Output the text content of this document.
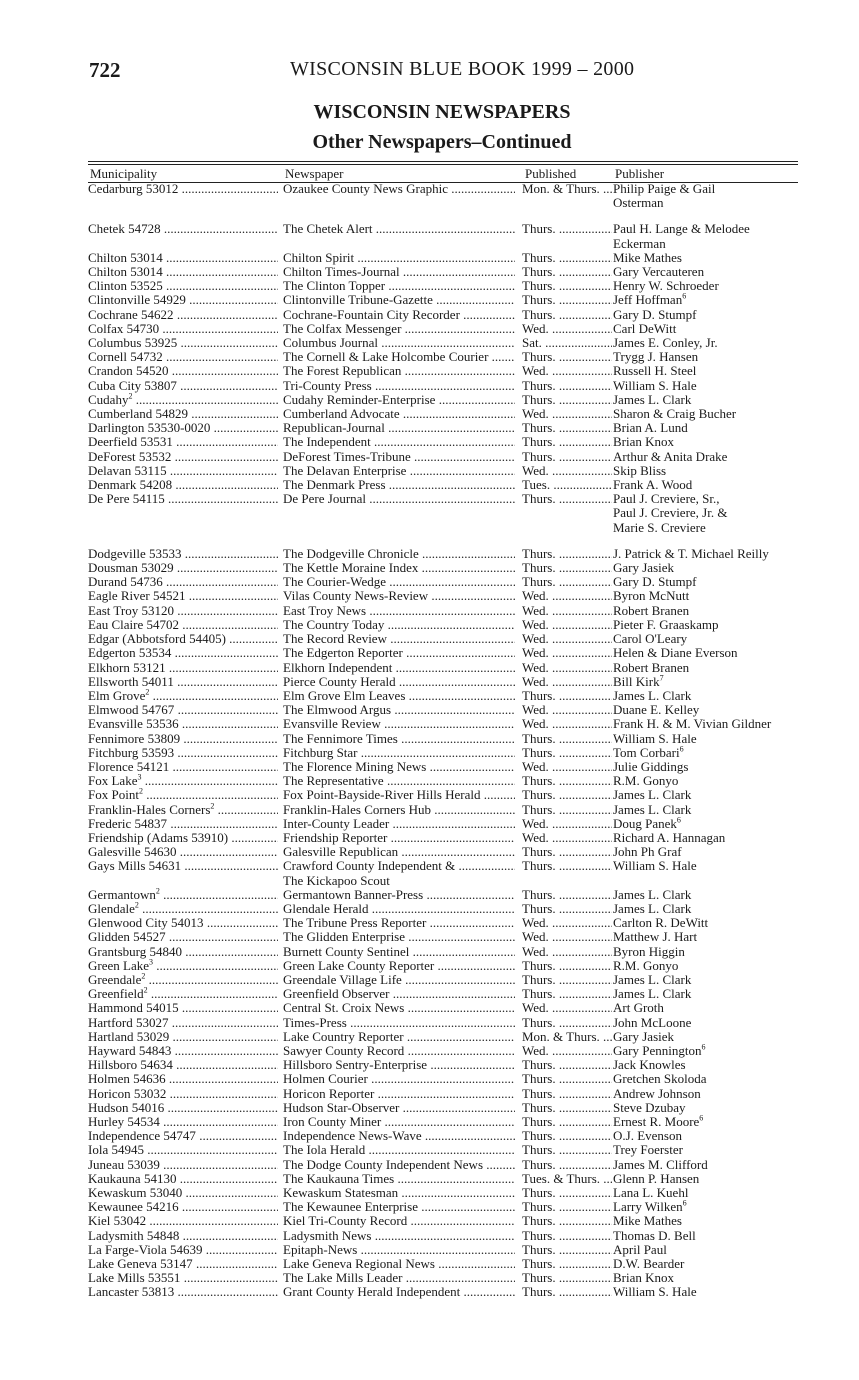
722	WISCONSIN BLUE BOOK 1999 – 2000
WISCONSIN NEWSPAPERS
Other Newspapers–Continued
Municipality	Newspaper	Published	Publisher
Cedarburg 53012 .....	Ozaukee County News Graphic .....	Mon. & Thurs. .....	Philip Paige & Gail
Osterman
Chetek 54728 .....	The Chetek Alert .....	Thurs. .....	Paul H. Lange & Melodee
Eckerman
Chilton 53014 .....	Chilton Spirit .....	Thurs. .....	Mike Mathes
Chilton 53014 .....	Chilton Times-Journal .....	Thurs. .....	Gary Vercauteren
Clinton 53525 .....	The Clinton Topper .....	Thurs. .....	Henry W. Schroeder
Clintonville 54929 .....	Clintonville Tribune-Gazette .....	Thurs. .....	Jeff Hoffman$^6$
Cochrane 54622 .....	Cochrane-Fountain City Recorder .....	Thurs. .....	Gary D. Stumpf
Colfax 54730 .....	The Colfax Messenger .....	Wed. .....	Carl DeWitt
Columbus 53925 .....	Columbus Journal .....	Sat. .....	James E. Conley, Jr.
Cornell 54732 .....	The Cornell & Lake Holcombe Courier .....	Thurs. .....	Trygg J. Hansen
Crandon 54520 .....	The Forest Republican .....	Wed. .....	Russell H. Steel
Cuba City 53807 .....	Tri-County Press .....	Thurs. .....	William S. Hale
Cudahy$^2$ .....	Cudahy Reminder-Enterprise .....	Thurs. .....	James L. Clark
Cumberland 54829 .....	Cumberland Advocate .....	Wed. .....	Sharon & Craig Bucher
Darlington 53530-0020 .....	Republican-Journal .....	Thurs. .....	Brian A. Lund
Deerfield 53531 .....	The Independent .....	Thurs. .....	Brian Knox
DeForest 53532 .....	DeForest Times-Tribune .....	Thurs. .....	Arthur & Anita Drake
Delavan 53115 .....	The Delavan Enterprise .....	Wed. .....	Skip Bliss
Denmark 54208 .....	The Denmark Press .....	Tues. .....	Frank A. Wood
De Pere 54115 .....	De Pere Journal .....	Thurs. .....	Paul J. Creviere, Sr.,
Paul J. Creviere, Jr. &
Marie S. Creviere
Dodgeville 53533 .....	The Dodgeville Chronicle .....	Thurs. .....	J. Patrick & T. Michael Reilly
Dousman 53029 .....	The Kettle Moraine Index .....	Thurs. .....	Gary Jasiek
Durand 54736 .....	The Courier-Wedge .....	Thurs. .....	Gary D. Stumpf
Eagle River 54521 .....	Vilas County News-Review .....	Wed. .....	Byron McNutt
East Troy 53120 .....	East Troy News .....	Wed. .....	Robert Branen
Eau Claire 54702 .....	The Country Today .....	Wed. .....	Pieter F. Graaskamp
Edgar (Abbotsford 54405) .....	The Record Review .....	Wed. .....	Carol O'Leary
Edgerton 53534 .....	The Edgerton Reporter .....	Wed. .....	Helen & Diane Everson
Elkhorn 53121 .....	Elkhorn Independent .....	Wed. .....	Robert Branen
Ellsworth 54011 .....	Pierce County Herald .....	Wed. .....	Bill Kirk$^7$
Elm Grove$^2$ .....	Elm Grove Elm Leaves .....	Thurs. .....	James L. Clark
Elmwood 54767 .....	The Elmwood Argus .....	Wed. .....	Duane E. Kelley
Evansville 53536 .....	Evansville Review .....	Wed. .....	Frank H. & M. Vivian Gildner
Fennimore 53809 .....	The Fennimore Times .....	Thurs. .....	William S. Hale
Fitchburg 53593 .....	Fitchburg Star .....	Thurs. .....	Tom Corbari$^6$
Florence 54121 .....	The Florence Mining News .....	Wed. .....	Julie Giddings
Fox Lake$^3$ .....	The Representative .....	Thurs. .....	R.M. Gonyo
Fox Point$^2$ .....	Fox Point-Bayside-River Hills Herald .....	Thurs. .....	James L. Clark
Franklin-Hales Corners$^2$ .....	Franklin-Hales Corners Hub .....	Thurs. .....	James L. Clark
Frederic 54837 .....	Inter-County Leader .....	Wed. .....	Doug Panek$^6$
Friendship (Adams 53910) .....	Friendship Reporter .....	Wed. .....	Richard A. Hannagan
Galesville 54630 .....	Galesville Republican .....	Thurs. .....	John Ph Graf
Gays Mills 54631 .....	Crawford County Independent & .....	Thurs. .....	William S. Hale
The Kickapoo Scout
Germantown$^2$ .....	Germantown Banner-Press .....	Thurs. .....	James L. Clark
Glendale$^2$ .....	Glendale Herald .....	Thurs. .....	James L. Clark
Glenwood City 54013 .....	The Tribune Press Reporter .....	Wed. .....	Carlton R. DeWitt
Glidden 54527 .....	The Glidden Enterprise .....	Wed. .....	Matthew J. Hart
Grantsburg 54840 .....	Burnett County Sentinel .....	Wed. .....	Byron Higgin
Green Lake$^3$ .....	Green Lake County Reporter .....	Thurs. .....	R.M. Gonyo
Greendale$^2$ .....	Greendale Village Life .....	Thurs. .....	James L. Clark
Greenfield$^2$ .....	Greenfield Observer .....	Thurs. .....	James L. Clark
Hammond 54015 .....	Central St. Croix News .....	Wed. .....	Art Groth
Hartford 53027 .....	Times-Press .....	Thurs. .....	John McLoone
Hartland 53029 .....	Lake Country Reporter .....	Mon. & Thurs. .....	Gary Jasiek
Hayward 54843 .....	Sawyer County Record .....	Wed. .....	Gary Pennington$^6$
Hillsboro 54634 .....	Hillsboro Sentry-Enterprise .....	Thurs. .....	Jack Knowles
Holmen 54636 .....	Holmen Courier .....	Thurs. .....	Gretchen Skoloda
Horicon 53032 .....	Horicon Reporter .....	Thurs. .....	Andrew Johnson
Hudson 54016 .....	Hudson Star-Observer .....	Thurs. .....	Steve Dzubay
Hurley 54534 .....	Iron County Miner .....	Thurs. .....	Ernest R. Moore$^6$
Independence 54747 .....	Independence News-Wave .....	Thurs. .....	O.J. Evenson
Iola 54945 .....	The Iola Herald .....	Thurs. .....	Trey Foerster
Juneau 53039 .....	The Dodge County Independent News .....	Thurs. .....	James M. Clifford
Kaukauna 54130 .....	The Kaukauna Times .....	Tues. & Thurs. ..... Glenn P. Hansen
Kewaskum 53040 .....	Kewaskum Statesman .....	Thurs. .....	Lana L. Kuehl
Kewaunee 54216 .....	The Kewaunee Enterprise .....	Thurs. .....	Larry Wilken$^6$
Kiel 53042 .....	Kiel Tri-County Record .....	Thurs. .....	Mike Mathes
Ladysmith 54848 .....	Ladysmith News .....	Thurs. .....	Thomas D. Bell
La Farge-Viola 54639 .....	Epitaph-News .....	Thurs. .....	April Paul
Lake Geneva 53147 .....	Lake Geneva Regional News .....	Thurs. .....	D.W. Bearder
Lake Mills 53551 .....	The Lake Mills Leader .....	Thurs. .....	Brian Knox
Lancaster 53813 .....	Grant County Herald Independent .....	Thurs. .....	William S. Hale
